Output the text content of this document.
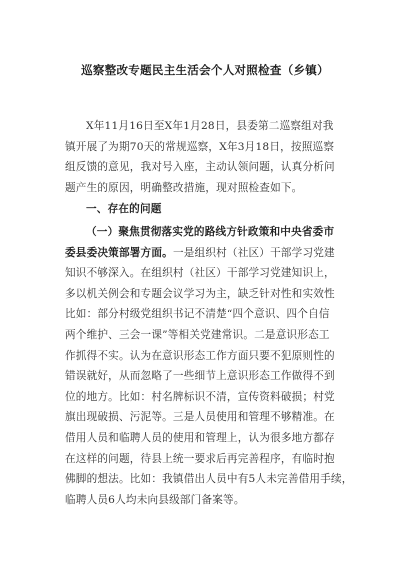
巡察整改专题民主生活会个人对照检查（乡镇）
X年11月16日至X年1月28日，县委第二巡察组对我
镇开展了为期70天的常规巡察，X年3月18日，按照巡察
组反馈的意见，我对号入座，主动认领问题，认真分析问
题产生的原因，明确整改措施，现对照检查如下。
一、存在的问题
（一）聚焦贯彻落实党的路线方针政策和中央省委市
委县委决策部署方面。一是组织村（社区）干部学习党建
知识不够深入。在组织村（社区）干部学习党建知识上，
多以机关例会和专题会议学习为主，缺乏针对性和实效性
比如：部分村级党组织书记不清楚“四个意识、四个自信
两个维护、三会一课”等相关党建常识。二是意识形态工
作抓得不实。认为在意识形态工作方面只要不犯原则性的
错误就好，从而忽略了一些细节上意识形态工作做得不到
位的地方。比如：村名牌标识不清，宣传资料破损；村党
旗出现破损、污泥等。三是人员使用和管理不够精准。在
借用人员和临聘人员的使用和管理上，认为很多地方都存
在这样的问题，待县上统一要求后再完善程序，有临时抱
佛脚的想法。比如：我镇借出人员中有5人未完善借用手续，
临聘人员6人均未向县级部门备案等。
